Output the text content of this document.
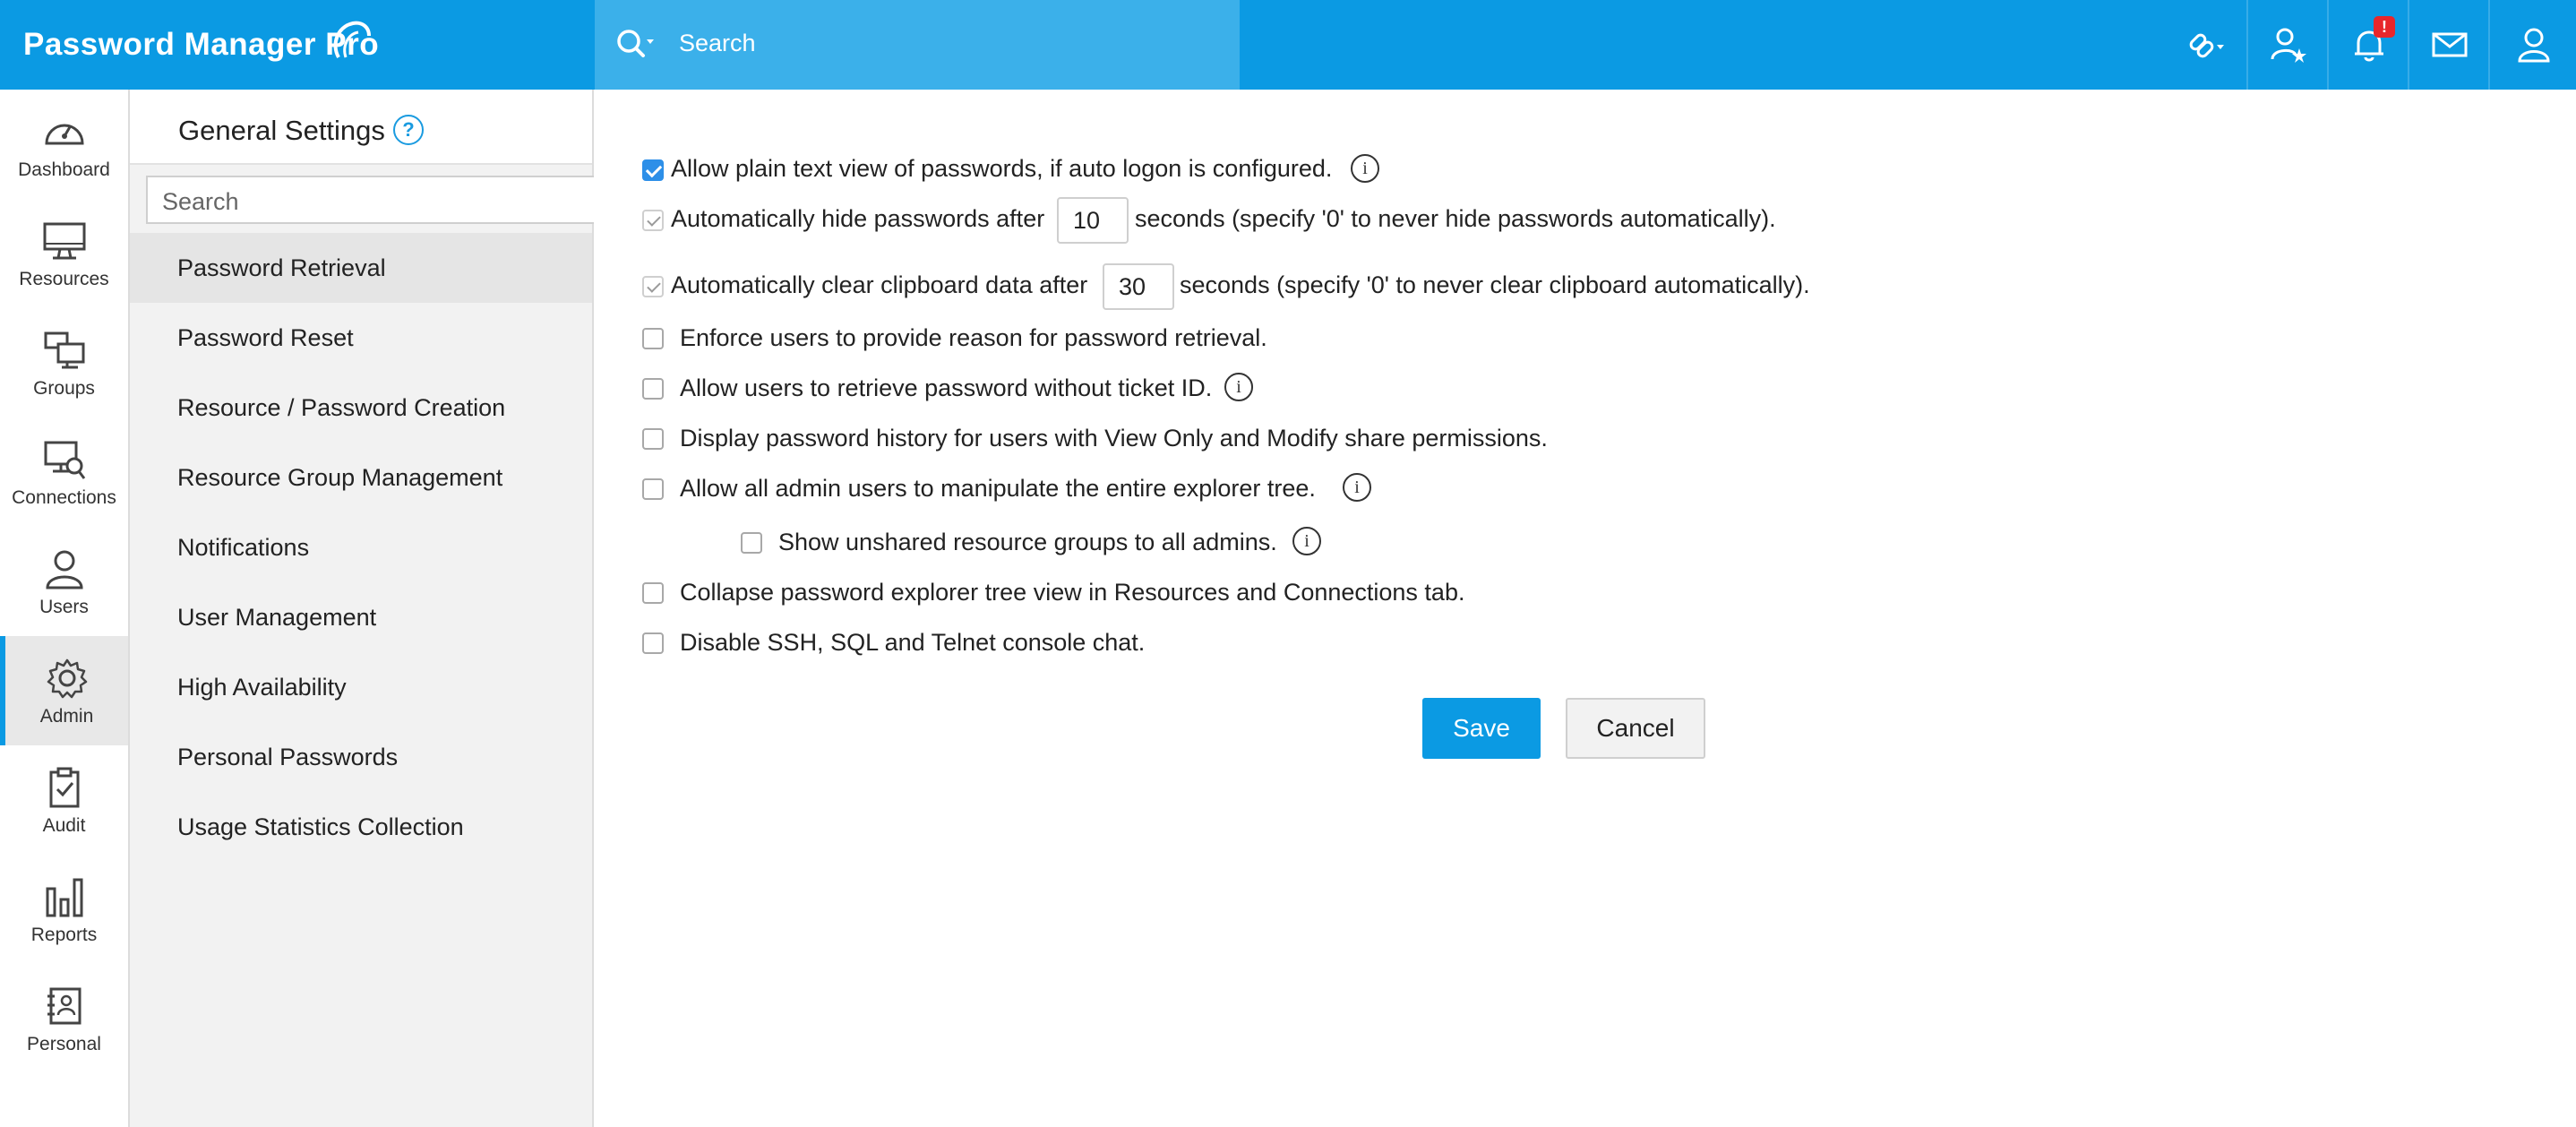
Password Manager Pro	Search
!
Dashboard
Resources
Groups
Connections
Users
Admin
Audit
Reports
Personal
General Settings ?
Search
Password Retrieval
Password Reset
Resource / Password Creation
Resource Group Management
Notifications
User Management
High Availability
Personal Passwords
Usage Statistics Collection
Allow plain text view of passwords, if auto logon is configured.	i
Automatically hide passwords after	10	seconds (specify '0' to never hide passwords automatically).
Automatically clear clipboard data after	30	seconds (specify '0' to never clear clipboard automatically).
Enforce users to provide reason for password retrieval.
Allow users to retrieve password without ticket ID.	i
Display password history for users with View Only and Modify share permissions.
Allow all admin users to manipulate the entire explorer tree.	i
Show unshared resource groups to all admins.	i
Collapse password explorer tree view in Resources and Connections tab.
Disable SSH, SQL and Telnet console chat.
Save	Cancel
